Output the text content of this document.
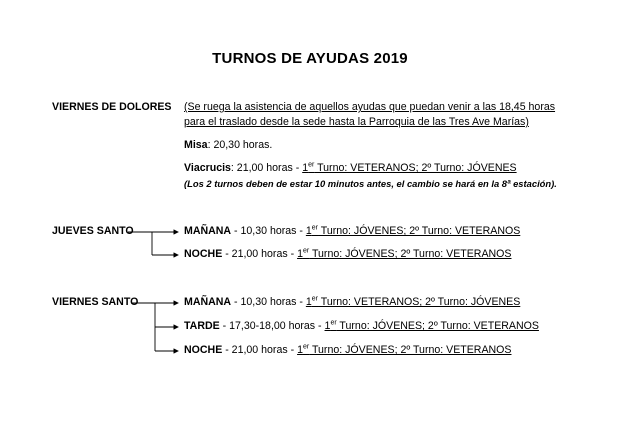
TURNOS DE AYUDAS 2019
VIERNES DE DOLORES (Se ruega la asistencia de aquellos ayudas que puedan venir a las 18,45 horas
para el traslado desde la sede hasta la Parroquia de las Tres Ave Marías)
Misa: 20,30 horas.
Viacrucis: 21,00 horas - 1er Turno: VETERANOS; 2º Turno: JÓVENES
(Los 2 turnos deben de estar 10 minutos antes, el cambio se hará en la 8ª estación).
JUEVES SANTO	MAÑANA - 10,30 horas - 1er Turno: JÓVENES; 2º Turno: VETERANOS
NOCHE - 21,00 horas - 1er Turno: JÓVENES; 2º Turno: VETERANOS
VIERNES SANTO	MAÑANA - 10,30 horas - 1er Turno: VETERANOS; 2º Turno: JÓVENES
TARDE - 17,30-18,00 horas - 1er Turno: JÓVENES; 2º Turno: VETERANOS
NOCHE - 21,00 horas - 1er Turno: JÓVENES; 2º Turno: VETERANOS
